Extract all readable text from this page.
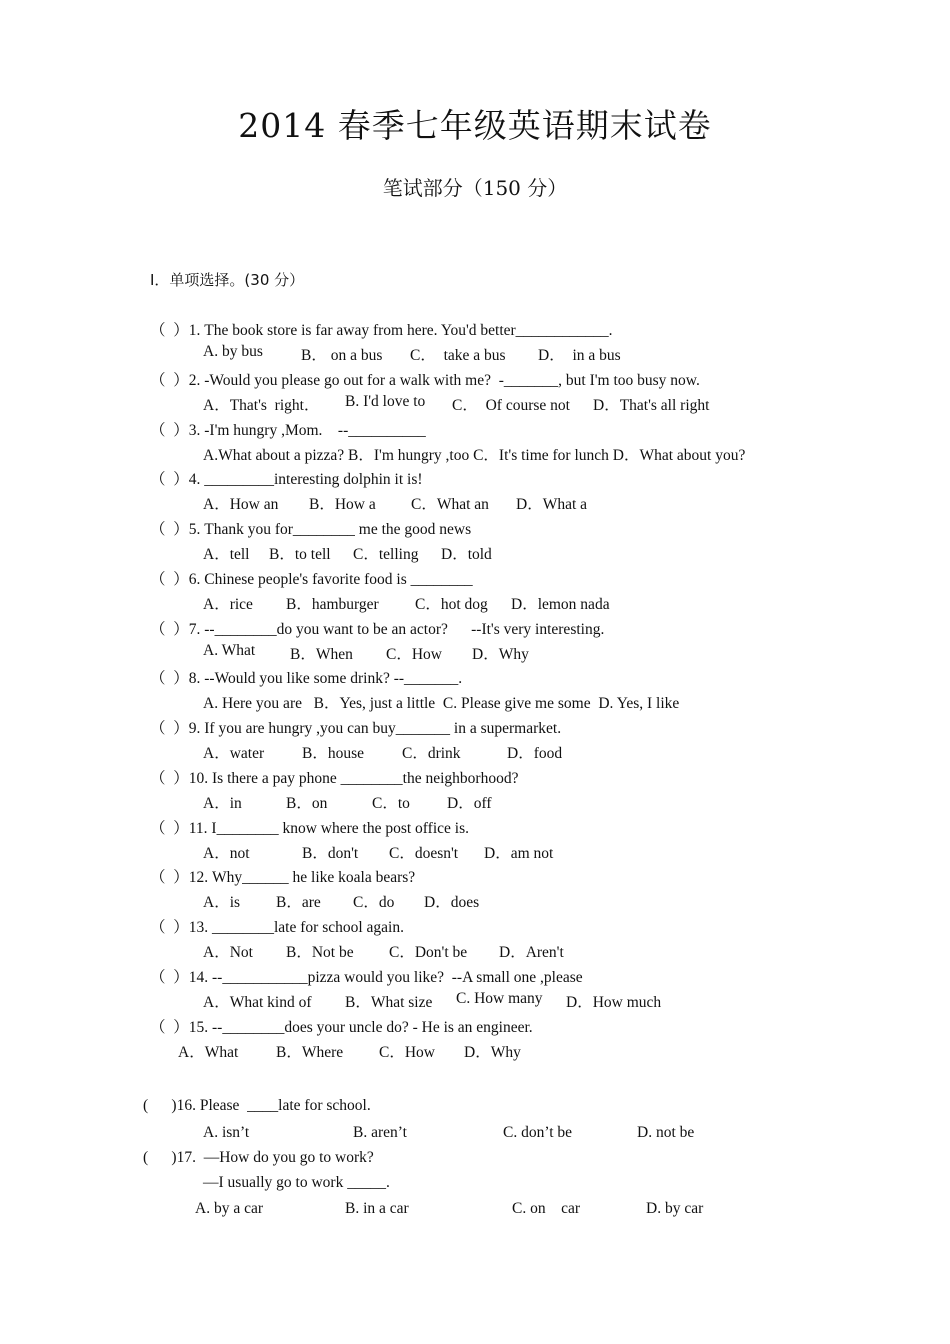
2014 春季七年级英语期末试卷
笔试部分（150 分）
Ⅰ．单项选择。(30 分）
（  ）1. The book store is far away from here. You'd better____________.
A. by bus B． on a bus C．  take a bus D．  in a bus
（  ）2. -Would you please go out for a walk with me?  -_______, but I'm too busy now.
A．That's  right． B. I'd love to C．  Of course not D．That's all right
（  ）3. -I'm hungry ,Mom.    --__________
A.What about a pizza? B．I'm hungry ,too C．It's time for lunch D．What about you?
（  ）4. _________interesting dolphin it is!
A．How an B．How a C．What an D．What a
（  ）5. Thank you for________ me the good news
A．tell B．to tell C．telling D．told
（  ）6. Chinese people's favorite food is ________
A．rice B．hamburger C．hot dog D．lemon nada
（  ）7. --________do you want to be an actor?      --It's very interesting.
A. What B．When C．How D．Why
（  ）8. --Would you like some drink? --_______.
A. Here you are   B．Yes, just a little  C. Please give me some  D. Yes, I like
（  ）9. If you are hungry ,you can buy_______ in a supermarket.
A．water B．house C．drink	D．food
（  ）10. Is there a pay phone ________the neighborhood?
A．in	B．on	C．to D．off
（  ）11. I________ know where the post office is.
A．not	B．don't C．doesn't D．am not
（  ）12. Why______ he like koala bears?
A．is B．are C．do D．does
（  ）13. ________late for school again.
A．Not B．Not be C．Don't be D．Aren't
（  ）14. --___________pizza would you like?  --A small one ,please
A．What kind of B．What size C. How many D．How much
（  ）15. --________does your uncle do? - He is an engineer.
A．What B．Where C．How D．Why
(      )16. Please  ____late for school.
A. isn’t	B. aren’t	C. don’t be	D. not be
(      )17.  —How do you go to work?
—I usually go to work _____.
A. by a car	B. in a car	C. on    car	D. by car
